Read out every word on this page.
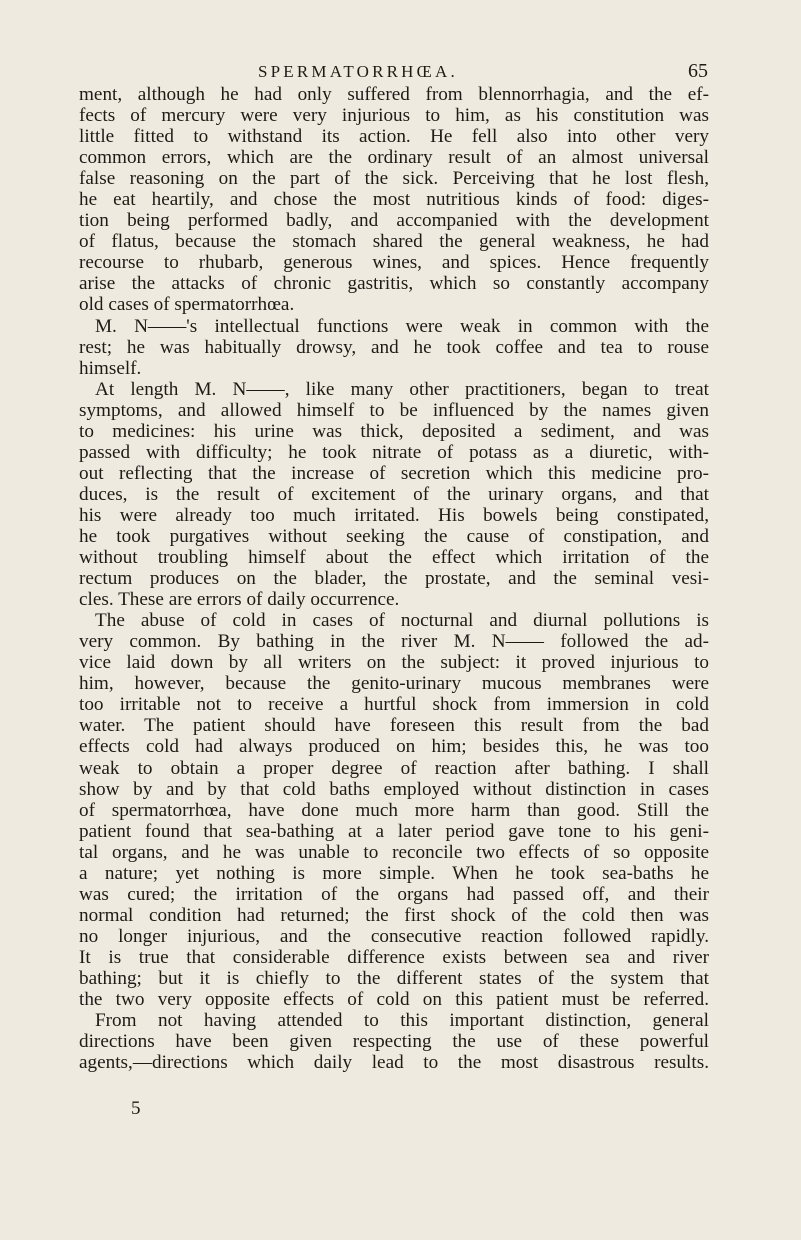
SPERMATORRHŒA.	65
ment, although he had only suffered from blennorrhagia, and the ef-
fects of mercury were very injurious to him, as his constitution was
little fitted to withstand its action. He fell also into other very
common errors, which are the ordinary result of an almost universal
false reasoning on the part of the sick. Perceiving that he lost flesh,
he eat heartily, and chose the most nutritious kinds of food: diges-
tion being performed badly, and accompanied with the development
of flatus, because the stomach shared the general weakness, he had
recourse to rhubarb, generous wines, and spices. Hence frequently
arise the attacks of chronic gastritis, which so constantly accompany
old cases of spermatorrhœa.
M. N——'s intellectual functions were weak in common with the
rest; he was habitually drowsy, and he took coffee and tea to rouse
himself.
At length M. N——, like many other practitioners, began to treat
symptoms, and allowed himself to be influenced by the names given
to medicines: his urine was thick, deposited a sediment, and was
passed with difficulty; he took nitrate of potass as a diuretic, with-
out reflecting that the increase of secretion which this medicine pro-
duces, is the result of excitement of the urinary organs, and that
his were already too much irritated. His bowels being constipated,
he took purgatives without seeking the cause of constipation, and
without troubling himself about the effect which irritation of the
rectum produces on the blader, the prostate, and the seminal vesi-
cles. These are errors of daily occurrence.
The abuse of cold in cases of nocturnal and diurnal pollutions is
very common. By bathing in the river M. N—— followed the ad-
vice laid down by all writers on the subject: it proved injurious to
him, however, because the genito-urinary mucous membranes were
too irritable not to receive a hurtful shock from immersion in cold
water. The patient should have foreseen this result from the bad
effects cold had always produced on him; besides this, he was too
weak to obtain a proper degree of reaction after bathing. I shall
show by and by that cold baths employed without distinction in cases
of spermatorrhœa, have done much more harm than good. Still the
patient found that sea-bathing at a later period gave tone to his geni-
tal organs, and he was unable to reconcile two effects of so opposite
a nature; yet nothing is more simple. When he took sea-baths he
was cured; the irritation of the organs had passed off, and their
normal condition had returned; the first shock of the cold then was
no longer injurious, and the consecutive reaction followed rapidly.
It is true that considerable difference exists between sea and river
bathing; but it is chiefly to the different states of the system that
the two very opposite effects of cold on this patient must be referred.
From not having attended to this important distinction, general
directions have been given respecting the use of these powerful
agents,—directions which daily lead to the most disastrous results.
5
